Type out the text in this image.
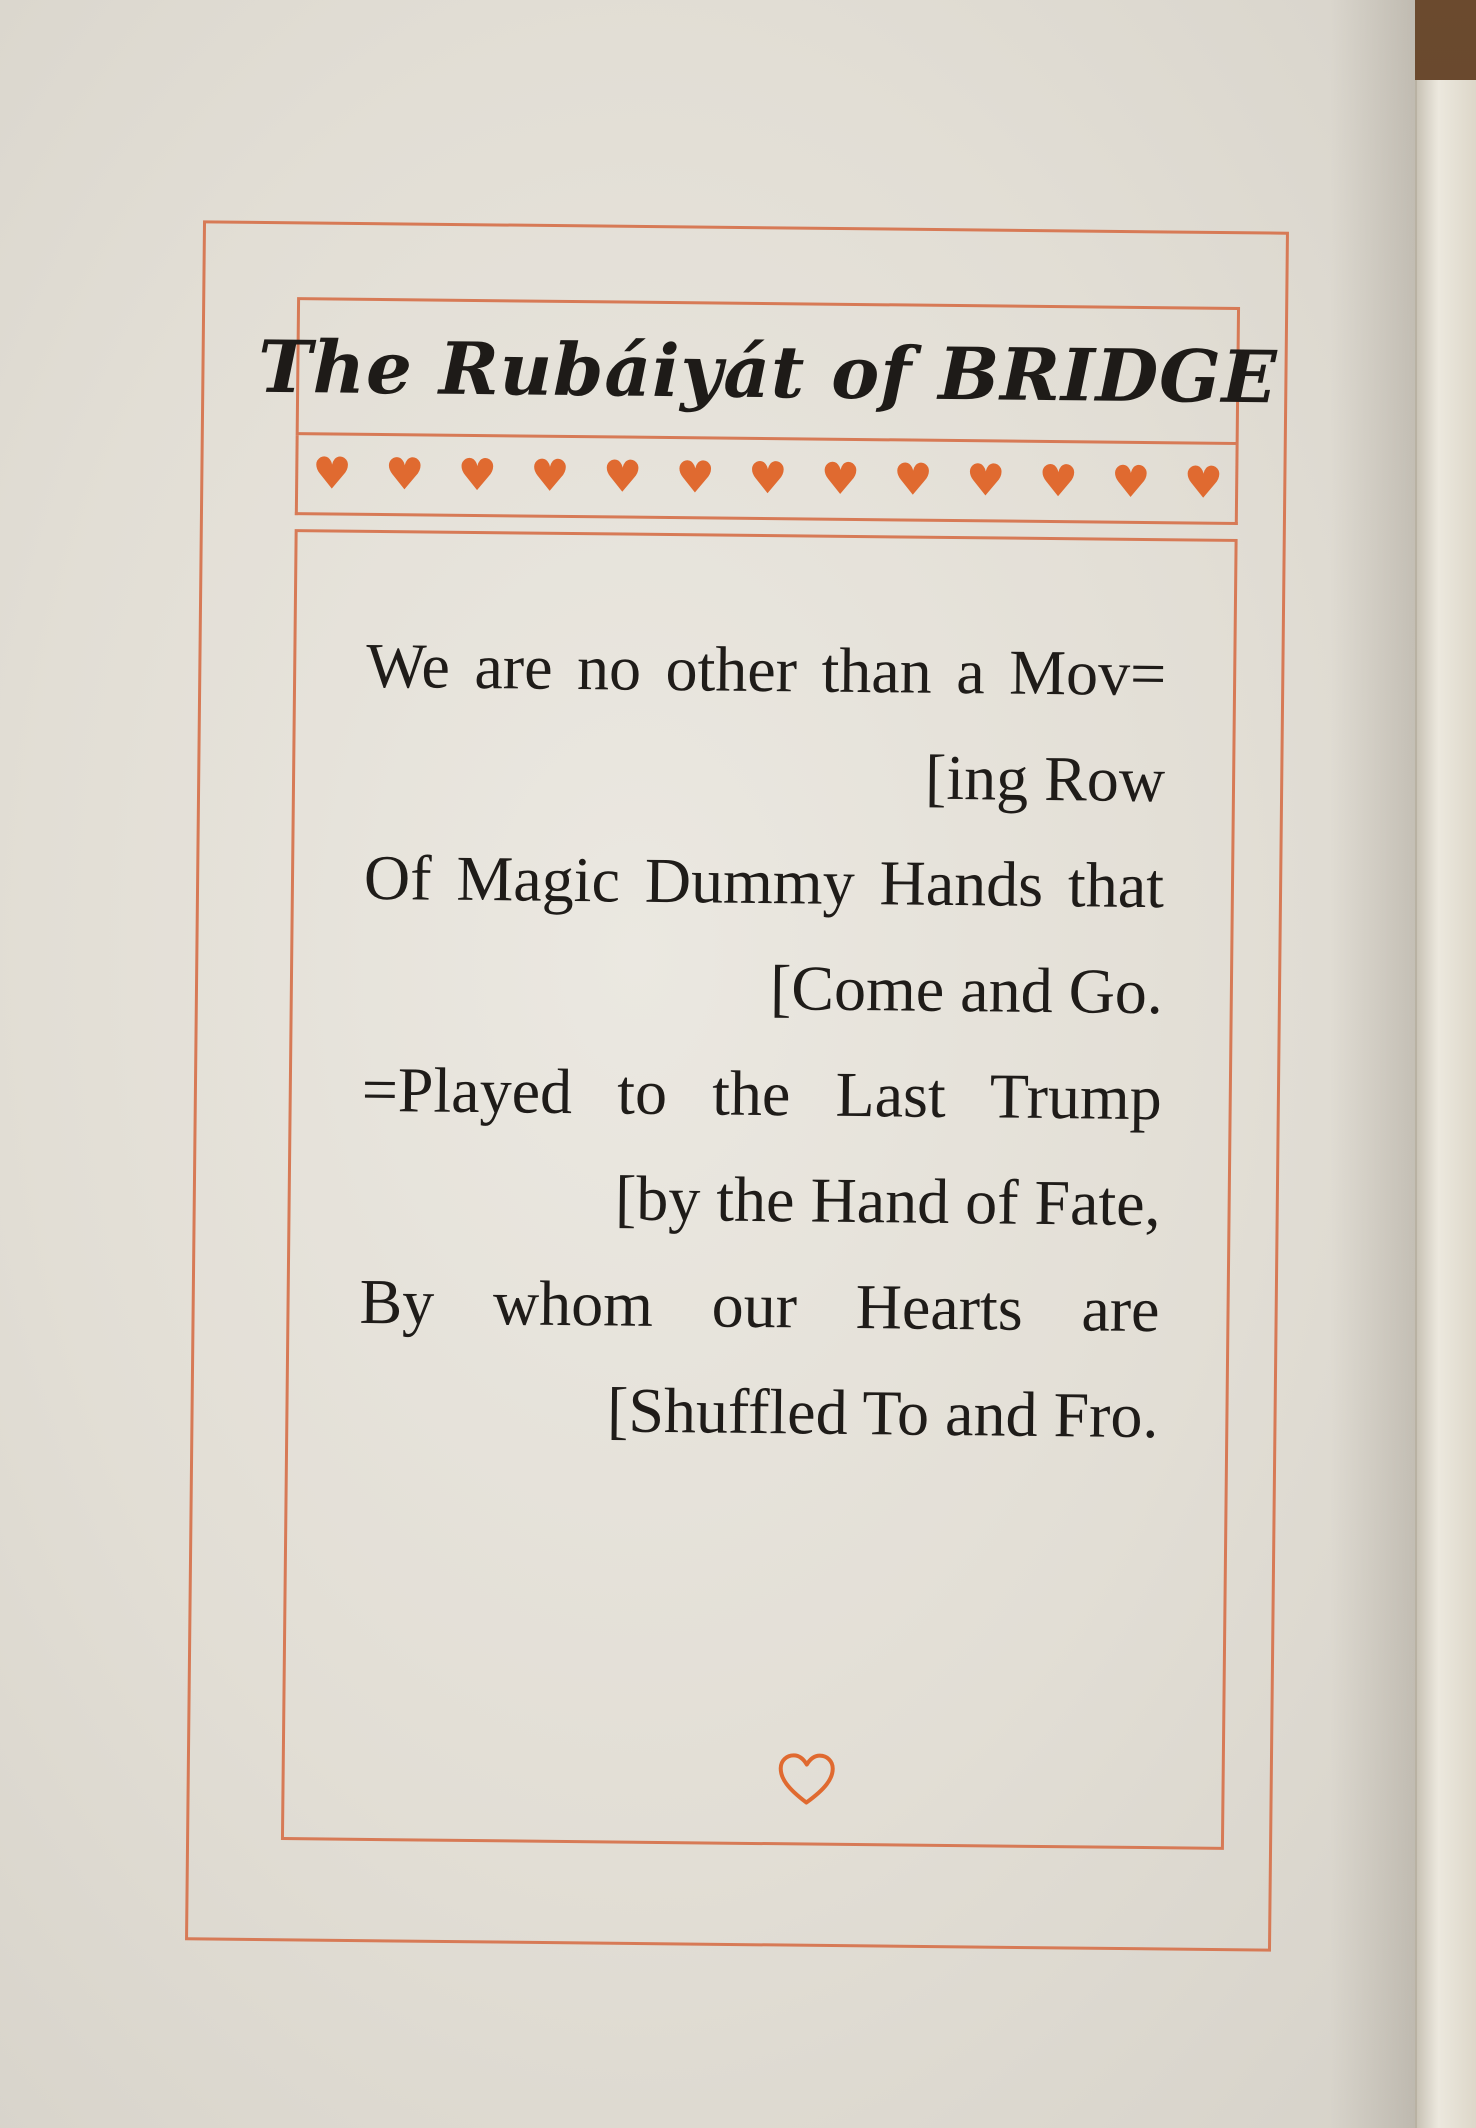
The Rubáiyát of BRIDGE
♥ ♥ ♥ ♥ ♥ ♥ ♥ ♥ ♥ ♥ ♥ ♥ ♥
We are no other than a Mov=
[ing Row
Of Magic Dummy Hands that
[Come and Go.
=Played to the Last Trump
[by the Hand of Fate,
By whom our Hearts are
[Shuffled To and Fro.
